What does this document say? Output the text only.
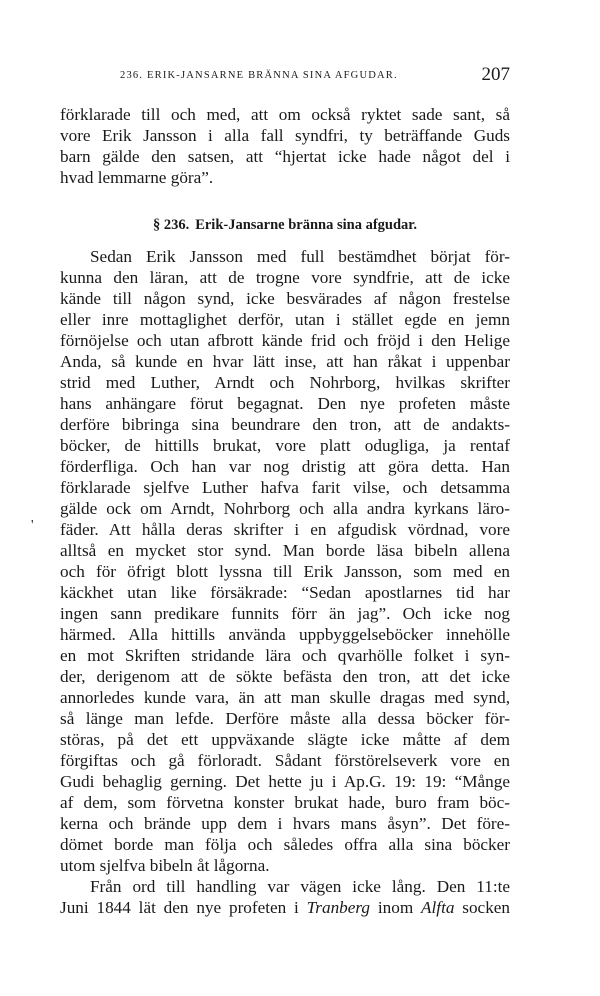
236. ERIK-JANSARNE BRÄNNA SINA AFGUDAR.	207
'
förklarade till och med, att om också ryktet sade sant, så
vore Erik Jansson i alla fall syndfri, ty beträffande Guds
barn gälde den satsen, att “hjertat icke hade något del i
hvad lemmarne göra”.
§ 236. Erik-Jansarne bränna sina afgudar.
Sedan Erik Jansson med full bestämdhet börjat för-
kunna den läran, att de trogne vore syndfrie, att de icke
kände till någon synd, icke besvärades af någon frestelse
eller inre mottaglighet derför, utan i stället egde en jemn
förnöjelse och utan afbrott kände frid och fröjd i den Helige
Anda, så kunde en hvar lätt inse, att han råkat i uppenbar
strid med Luther, Arndt och Nohrborg, hvilkas skrifter
hans anhängare förut begagnat. Den nye profeten måste
derföre bibringa sina beundrare den tron, att de andakts-
böcker, de hittills brukat, vore platt odugliga, ja rentaf
förderfliga. Och han var nog dristig att göra detta. Han
förklarade sjelfve Luther hafva farit vilse, och detsamma
gälde ock om Arndt, Nohrborg och alla andra kyrkans läro-
fäder. Att hålla deras skrifter i en afgudisk vördnad, vore
alltså en mycket stor synd. Man borde läsa bibeln allena
och för öfrigt blott lyssna till Erik Jansson, som med en
käckhet utan like försäkrade: “Sedan apostlarnes tid har
ingen sann predikare funnits förr än jag”. Och icke nog
härmed. Alla hittills använda uppbyggelseböcker innehölle
en mot Skriften stridande lära och qvarhölle folket i syn-
der, derigenom att de sökte befästa den tron, att det icke
annorledes kunde vara, än att man skulle dragas med synd,
så länge man lefde. Derföre måste alla dessa böcker för-
störas, på det ett uppväxande slägte icke måtte af dem
förgiftas och gå förloradt. Sådant förstörelseverk vore en
Gudi behaglig gerning. Det hette ju i Ap.G. 19: 19: “Månge
af dem, som förvetna konster brukat hade, buro fram böc-
kerna och brände upp dem i hvars mans åsyn”. Det före-
dömet borde man följa och således offra alla sina böcker
utom sjelfva bibeln åt lågorna.
Från ord till handling var vägen icke lång. Den 11:te
Juni 1844 lät den nye profeten i Tranberg inom Alfta socken
